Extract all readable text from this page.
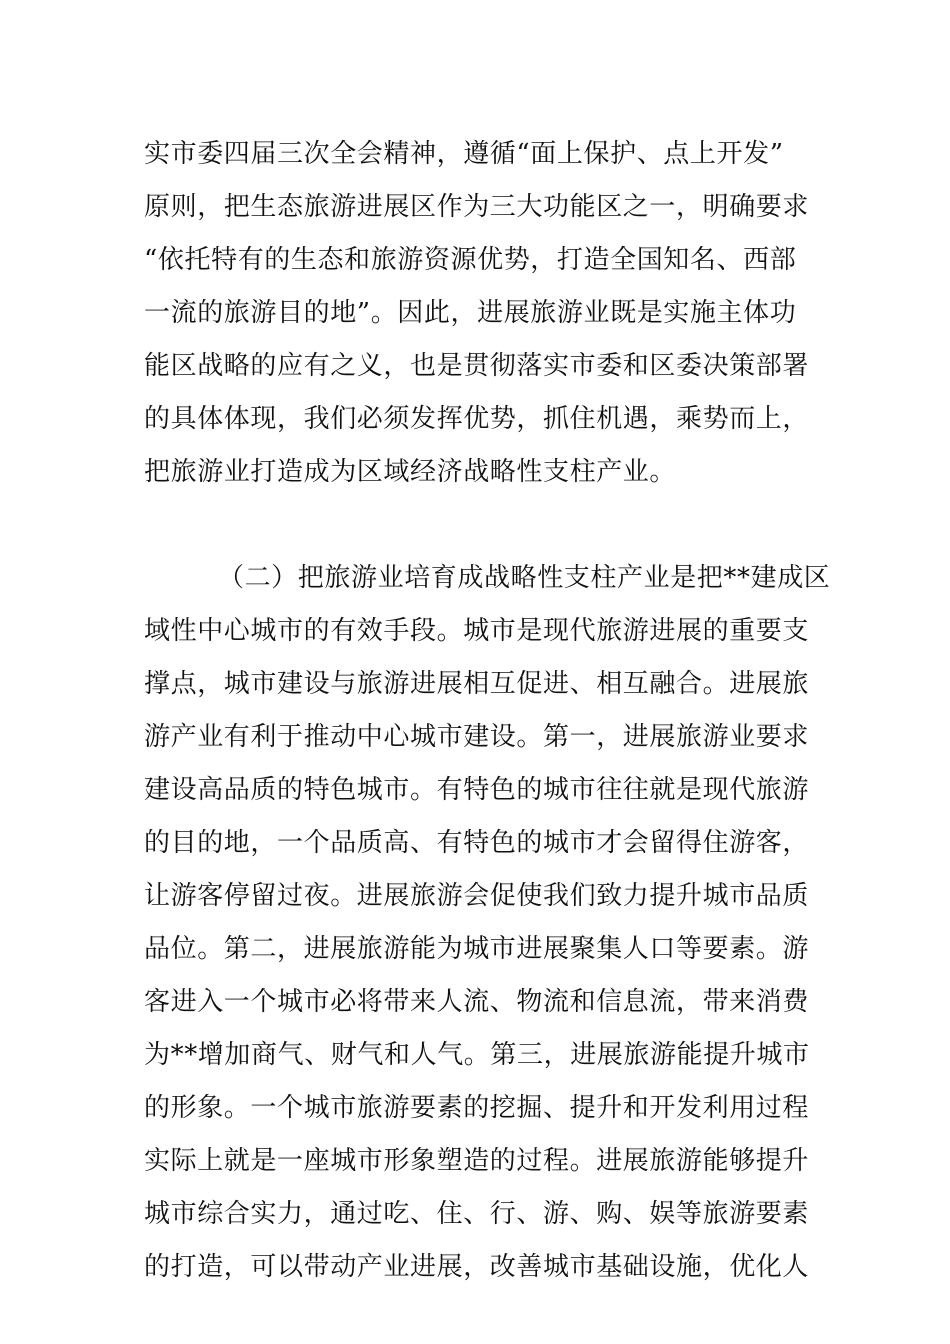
实市委四届三次全会精神，遵循“面上保护、点上开发”
原则，把生态旅游进展区作为三大功能区之一，明确要求
“依托特有的生态和旅游资源优势，打造全国知名、西部
一流的旅游目的地”。因此，进展旅游业既是实施主体功
能区战略的应有之义，也是贯彻落实市委和区委决策部署
的具体体现，我们必须发挥优势，抓住机遇，乘势而上，
把旅游业打造成为区域经济战略性支柱产业。
（二）把旅游业培育成战略性支柱产业是把**建成区
域性中心城市的有效手段。城市是现代旅游进展的重要支
撑点，城市建设与旅游进展相互促进、相互融合。进展旅
游产业有利于推动中心城市建设。第一，进展旅游业要求
建设高品质的特色城市。有特色的城市往往就是现代旅游
的目的地，一个品质高、有特色的城市才会留得住游客，
让游客停留过夜。进展旅游会促使我们致力提升城市品质
品位。第二，进展旅游能为城市进展聚集人口等要素。游
客进入一个城市必将带来人流、物流和信息流，带来消费
为**增加商气、财气和人气。第三，进展旅游能提升城市
的形象。一个城市旅游要素的挖掘、提升和开发利用过程
实际上就是一座城市形象塑造的过程。进展旅游能够提升
城市综合实力，通过吃、住、行、游、购、娱等旅游要素
的打造，可以带动产业进展，改善城市基础设施，优化人
